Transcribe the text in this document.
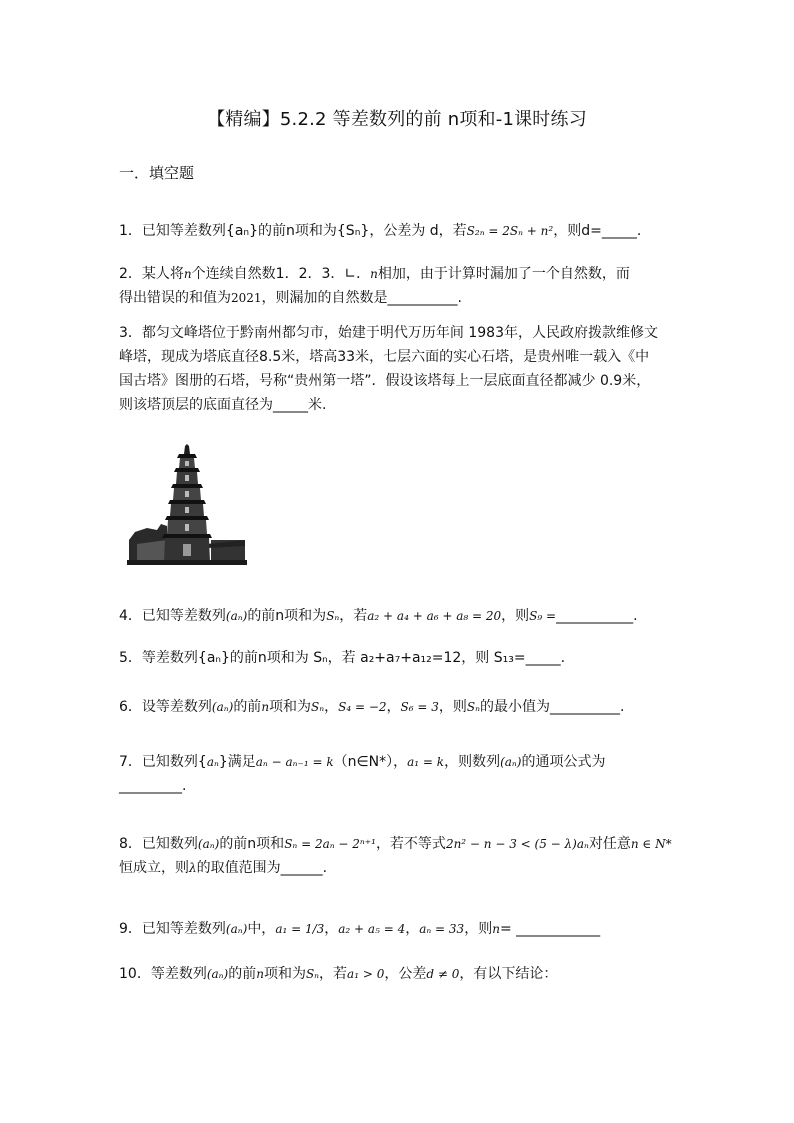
【精编】5.2.2 等差数列的前 n项和-1课时练习
一．填空题
1．已知等差数列{an}的前n项和为{Sn}，公差为 d，若S₂ₙ = 2Sₙ + n²，则d=_____.
2．某人将n个连续自然数1．2．3．∟．n相加，由于计算时漏加了一个自然数，而
得出错误的和值为2021，则漏加的自然数是__________.
3．都匀文峰塔位于黔南州都匀市，始建于明代万历年间 1983年，人民政府拨款维修文
峰塔，现成为塔底直径8.5米，塔高33米，七层六面的实心石塔，是贵州唯一载入《中
国古塔》图册的石塔，号称“贵州第一塔”．假设该塔每上一层底面直径都减少 0.9米，
则该塔顶层的底面直径为_____米.
4．已知等差数列(aₙ)的前n项和为Sₙ，若a₂ + a₄ + a₆ + a₈ = 20，则S₉ =___________.
5．等差数列{aₙ}的前n项和为 Sₙ，若 a₂+a₇+a₁₂=12，则 S₁₃=_____.
6．设等差数列(aₙ)的前n项和为Sₙ，S₄ = −2，S₆ = 3，则Sₙ的最小值为__________.
7．已知数列{aₙ}满足aₙ − aₙ₋₁ = k（n∈N*），a₁ = k，则数列(aₙ)的通项公式为
_________.
8．已知数列(aₙ)的前n项和Sₙ = 2aₙ − 2ⁿ⁺¹，若不等式2n² − n − 3 < (5 − λ)aₙ对任意n ∈ N*
恒成立，则λ的取值范围为______.
9．已知等差数列(aₙ)中，a₁ = 1/3，a₂ + a₅ = 4，aₙ = 33，则n= ____________
10．等差数列(aₙ)的前n项和为Sₙ，若a₁ > 0，公差d ≠ 0，有以下结论：
